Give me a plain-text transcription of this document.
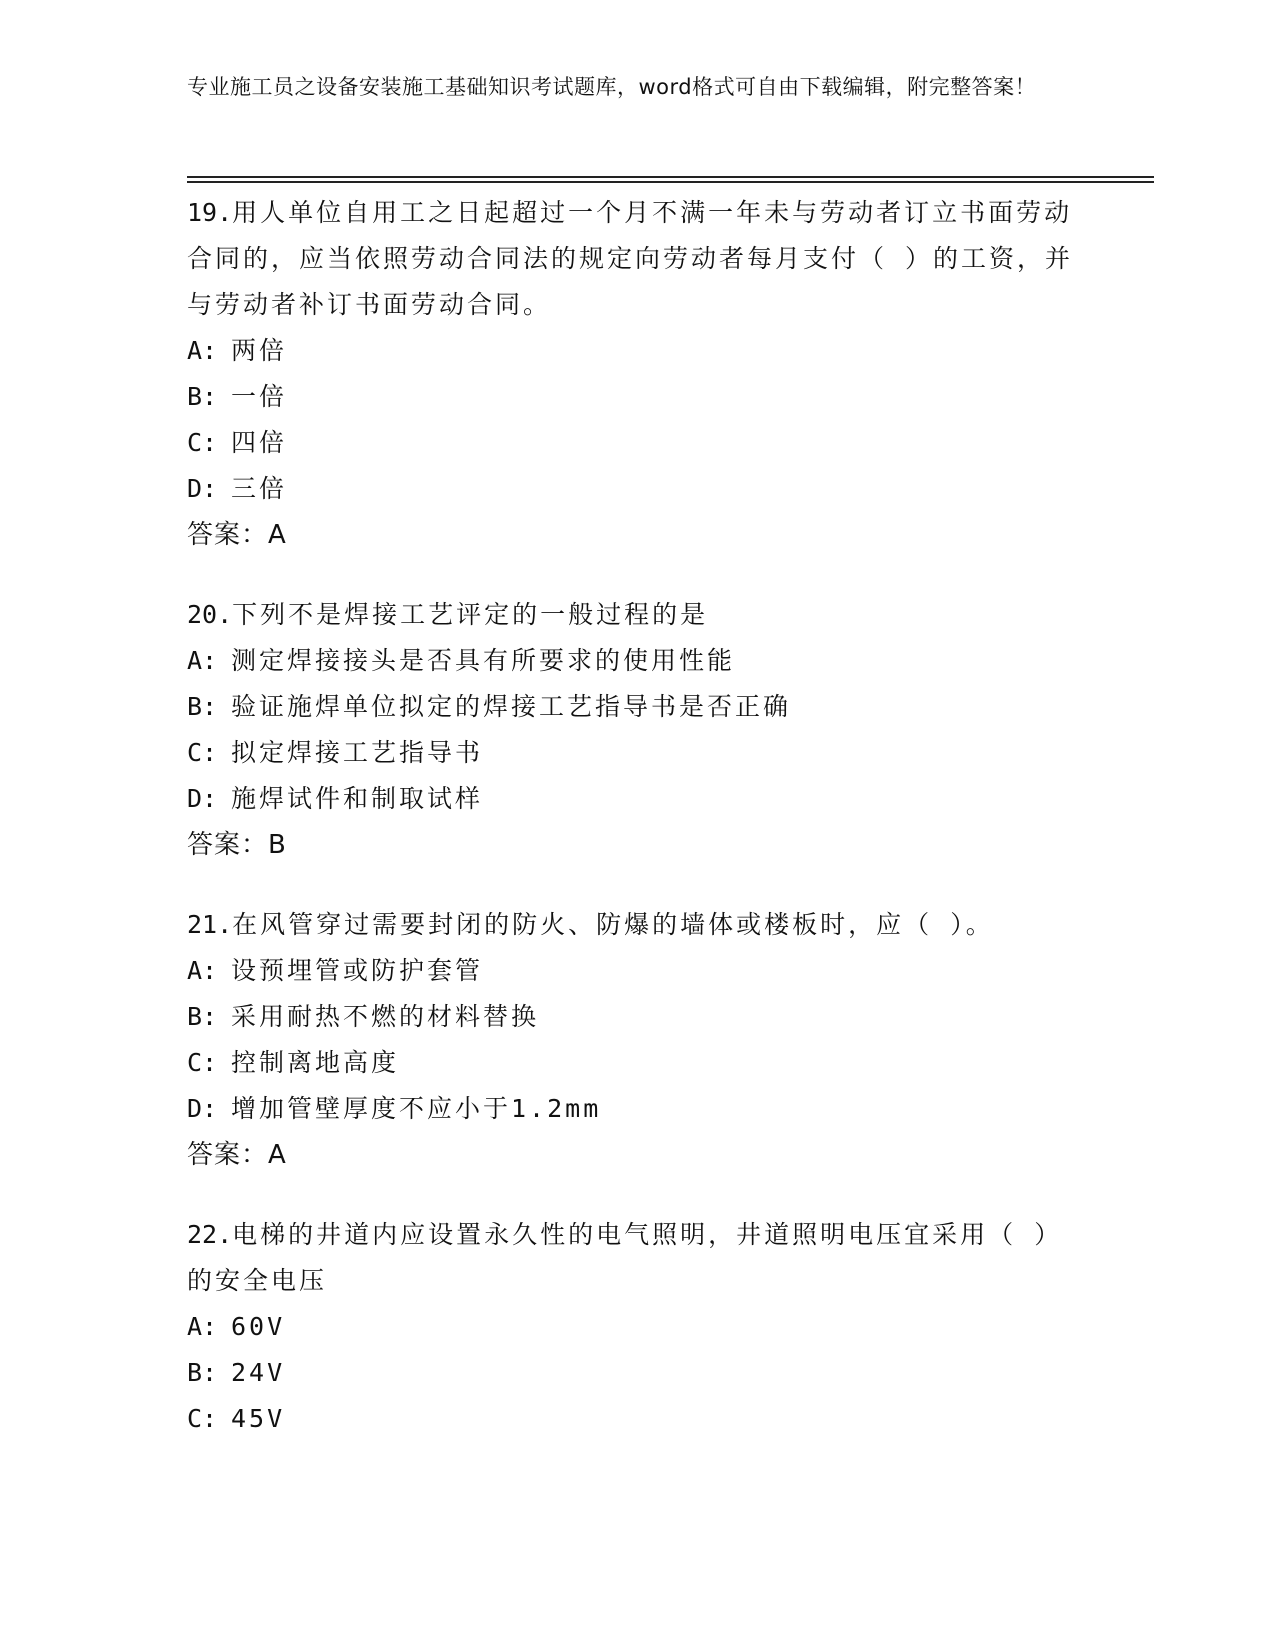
专业施工员之设备安装施工基础知识考试题库，word格式可自由下载编辑，附完整答案！

19.用人单位自用工之日起超过一个月不满一年未与劳动者订立书面劳动合同的，应当依照劳动合同法的规定向劳动者每月支付（ ）的工资，并与劳动者补订书面劳动合同。

A: 两倍
B: 一倍
C: 四倍
D: 三倍
答案：A

20.下列不是焊接工艺评定的一般过程的是

A: 测定焊接接头是否具有所要求的使用性能
B: 验证施焊单位拟定的焊接工艺指导书是否正确
C: 拟定焊接工艺指导书
D: 施焊试件和制取试样
答案：B

21.在风管穿过需要封闭的防火、防爆的墙体或楼板时，应（ ）。

A: 设预埋管或防护套管
B: 采用耐热不燃的材料替换
C: 控制离地高度
D: 增加管壁厚度不应小于1.2mm
答案：A

22.电梯的井道内应设置永久性的电气照明，井道照明电压宜采用（ ）的安全电压

A: 60V
B: 24V
C: 45V
